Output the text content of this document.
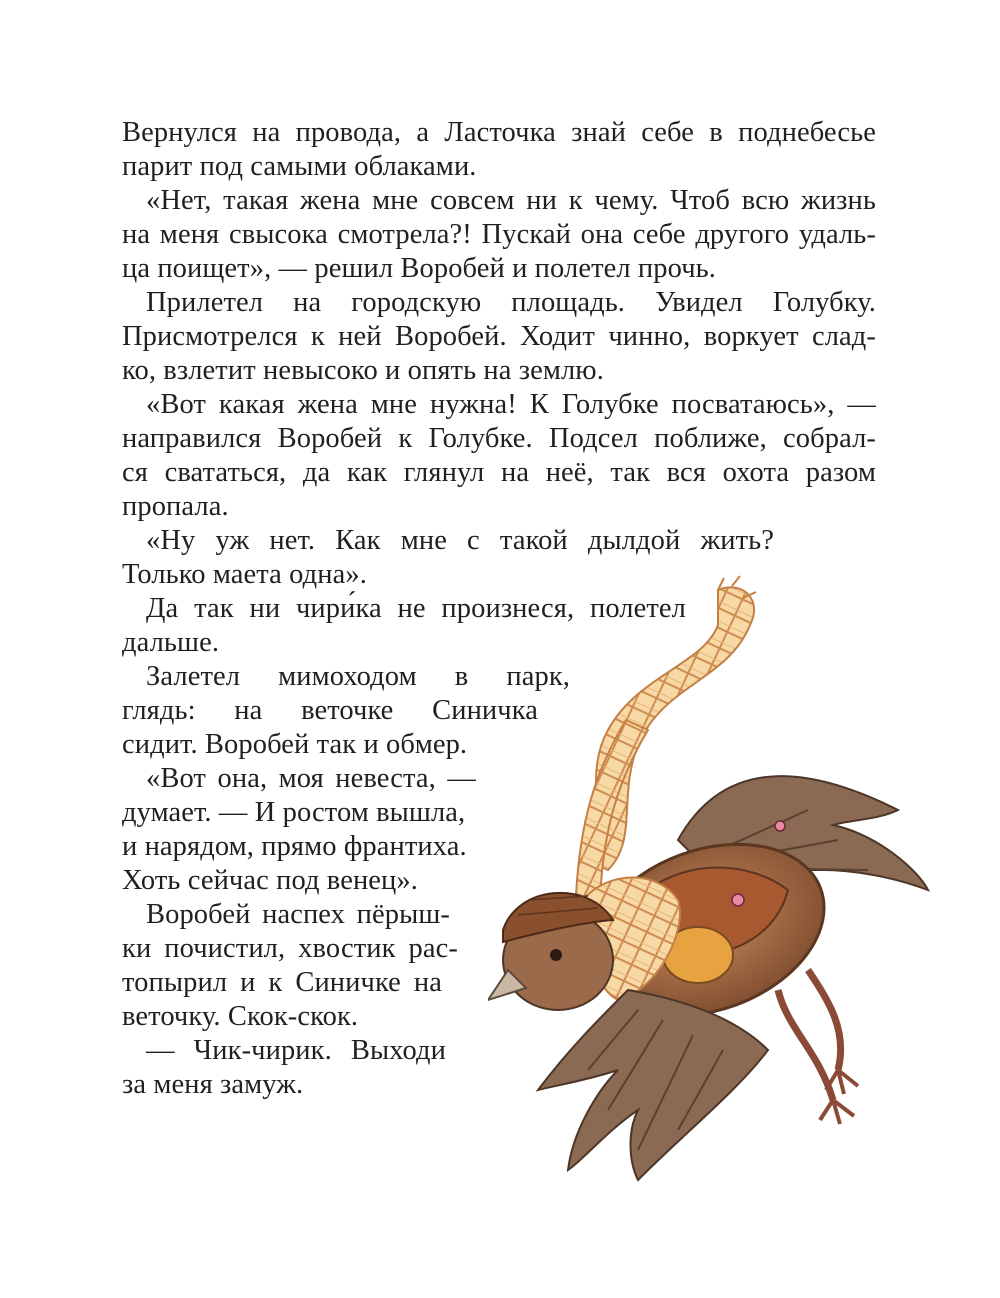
Вернулся на провода, а Ласточка знай себе в поднебесье
парит под самыми облаками.
«Нет, такая жена мне совсем ни к чему. Чтоб всю жизнь
на меня свысока смотрела?! Пускай она себе другого удаль-
ца поищет», — решил Воробей и полетел прочь.
Прилетел на городскую площадь. Увидел Голубку.
Присмотрелся к ней Воробей. Ходит чинно, воркует слад-
ко, взлетит невысоко и опять на землю.
«Вот какая жена мне нужна! К Голубке посватаюсь», —
направился Воробей к Голубке. Подсел поближе, собрал-
ся свататься, да как глянул на неё, так вся охота разом
пропала.
«Ну уж нет. Как мне с такой дылдой жить?
Только маета одна».
Да так ни чири́ка не произнеся, полетел
дальше.
Залетел мимоходом в парк,
глядь: на веточке Синичка
сидит. Воробей так и обмер.
«Вот она, моя невеста, —
думает. — И ростом вышла,
и нарядом, прямо франтиха.
Хоть сейчас под венец».
Воробей наспех пёрыш-
ки почистил, хвостик рас-
топырил и к Синичке на
веточку. Скок-скок.
— Чик-чирик. Выходи
за меня замуж.
